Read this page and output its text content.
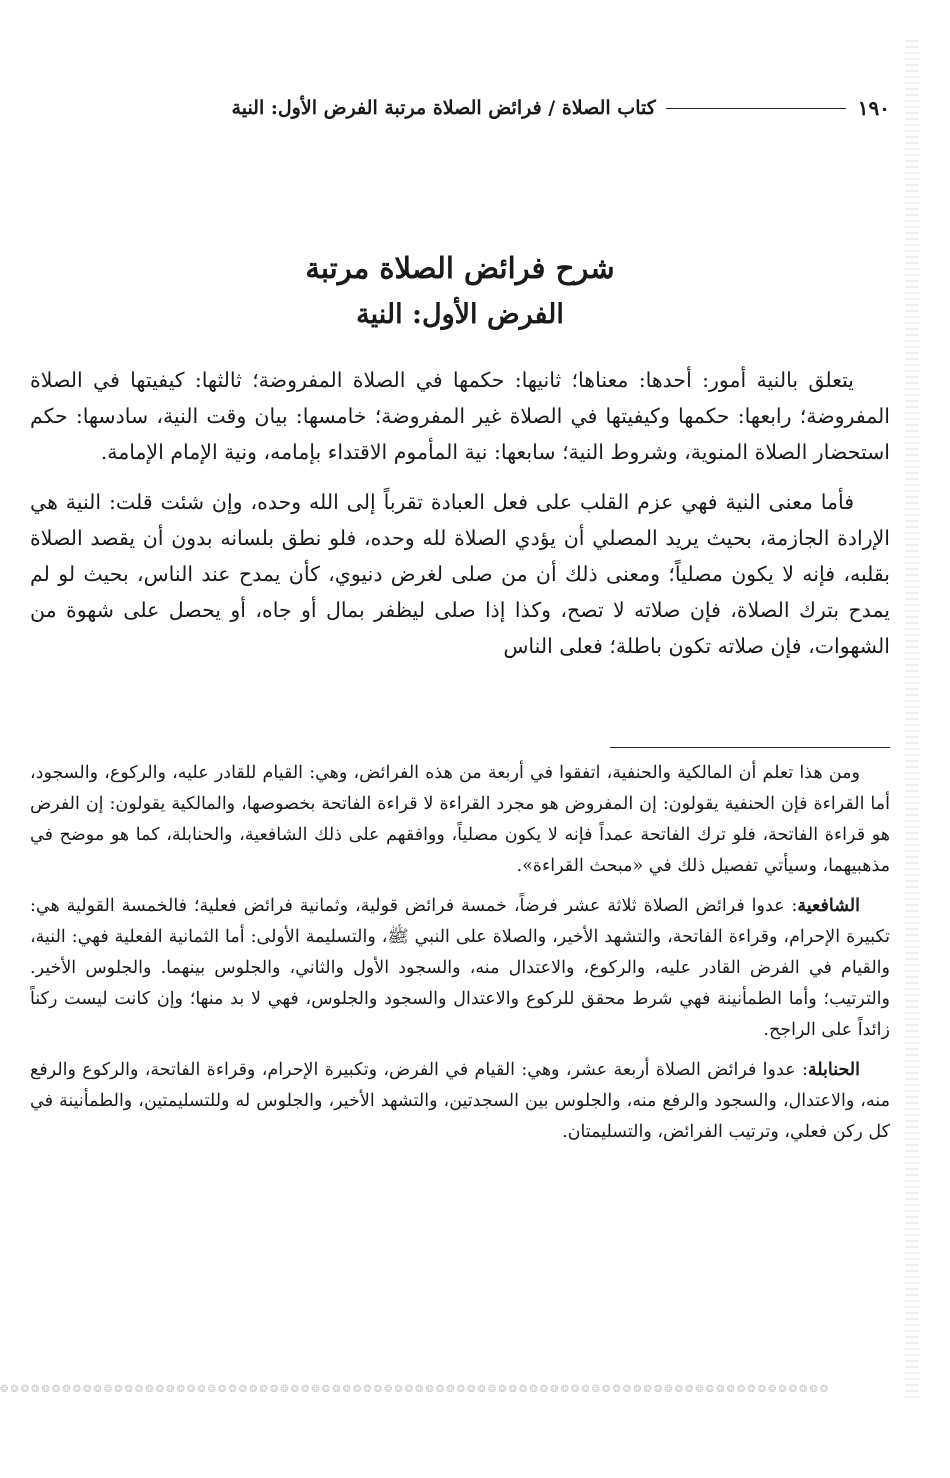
١٩٠
كتاب الصلاة / فرائض الصلاة مرتبة الفرض الأول: النية
شرح فرائض الصلاة مرتبة
الفرض الأول: النية

يتعلق بالنية أمور: أحدها: معناها؛ ثانيها: حكمها في الصلاة المفروضة؛ ثالثها: كيفيتها في الصلاة المفروضة؛ رابعها: حكمها وكيفيتها في الصلاة غير المفروضة؛ خامسها: بيان وقت النية، سادسها: حكم استحضار الصلاة المنوية، وشروط النية؛ سابعها: نية المأموم الاقتداء بإمامه، ونية الإمام الإمامة.

فأما معنى النية فهي عزم القلب على فعل العبادة تقرباً إلى الله وحده، وإن شئت قلت: النية هي الإرادة الجازمة، بحيث يريد المصلي أن يؤدي الصلاة لله وحده، فلو نطق بلسانه بدون أن يقصد الصلاة بقلبه، فإنه لا يكون مصلياً؛ ومعنى ذلك أن من صلى لغرض دنيوي، كأن يمدح عند الناس، بحيث لو لم يمدح بترك الصلاة، فإن صلاته لا تصح، وكذا إذا صلى ليظفر بمال أو جاه، أو يحصل على شهوة من الشهوات، فإن صلاته تكون باطلة؛ فعلى الناس

ومن هذا تعلم أن المالكية والحنفية، اتفقوا في أربعة من هذه الفرائض، وهي: القيام للقادر عليه، والركوع، والسجود، أما القراءة فإن الحنفية يقولون: إن المفروض هو مجرد القراءة لا قراءة الفاتحة بخصوصها، والمالكية يقولون: إن الفرض هو قراءة الفاتحة، فلو ترك الفاتحة عمداً فإنه لا يكون مصلياً، ووافقهم على ذلك الشافعية، والحنابلة، كما هو موضح في مذهبيهما، وسيأتي تفصيل ذلك في «مبحث القراءة».

الشافعية: عدوا فرائض الصلاة ثلاثة عشر فرضاً، خمسة فرائض قولية، وثمانية فرائض فعلية؛ فالخمسة القولية هي: تكبيرة الإحرام، وقراءة الفاتحة، والتشهد الأخير، والصلاة على النبي ﷺ، والتسليمة الأولى: أما الثمانية الفعلية فهي: النية، والقيام في الفرض القادر عليه، والركوع، والاعتدال منه، والسجود الأول والثاني، والجلوس بينهما. والجلوس الأخير. والترتيب؛ وأما الطمأنينة فهي شرط محقق للركوع والاعتدال والسجود والجلوس، فهي لا بد منها؛ وإن كانت ليست ركناً زائداً على الراجح.

الحنابلة: عدوا فرائض الصلاة أربعة عشر، وهي: القيام في الفرض، وتكبيرة الإحرام، وقراءة الفاتحة، والركوع والرفع منه، والاعتدال، والسجود والرفع منه، والجلوس بين السجدتين، والتشهد الأخير، والجلوس له وللتسليمتين، والطمأنينة في كل ركن فعلي، وترتيب الفرائض، والتسليمتان.

❂❂❂❂❂❂❂❂❂❂❂❂❂❂❂❂❂❂❂❂❂❂❂❂❂❂❂❂❂❂❂❂❂❂❂❂❂❂❂❂❂❂❂❂❂❂❂❂❂❂❂❂❂❂❂❂❂❂❂❂❂❂❂❂❂❂❂❂❂❂❂❂❂❂❂❂❂❂❂❂
